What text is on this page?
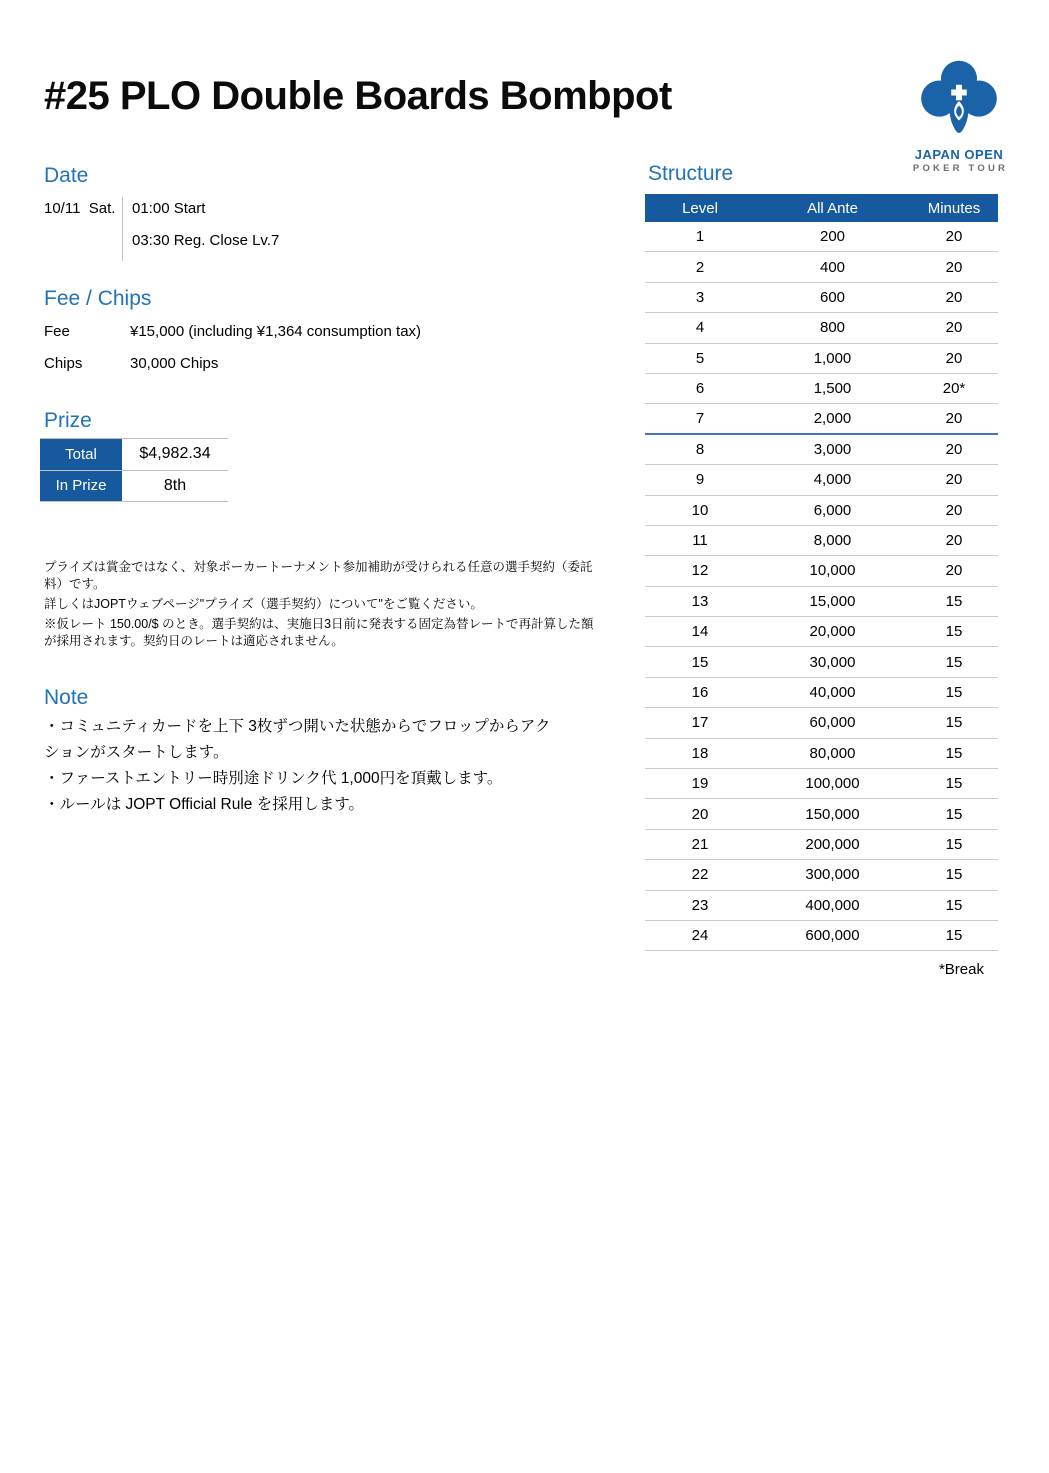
#25 PLO Double Boards Bombpot
JAPAN OPEN
POKER TOUR
Date
10/11  Sat.	01:00 Start
03:30 Reg. Close Lv.7
Fee / Chips
Fee	¥15,000 (including ¥1,364 consumption tax)
Chips	30,000 Chips
Prize
Total	$4,982.34
In Prize	8th

プライズは賞金ではなく、対象ポーカートーナメント参加補助が受けられる任意の選手契約（委託料）です。

詳しくはJOPTウェブページ"プライズ（選手契約）について"をご覧ください。

※仮レート 150.00/$ のとき。選手契約は、実施日3日前に発表する固定為替レートで再計算した額が採用されます。契約日のレートは適応されません。

Note
・コミュニティカードを上下 3枚ずつ開いた状態からでフロップからアクションがスタートします。
・ファーストエントリー時別途ドリンク代 1,000円を頂戴します。
・ルールは JOPT Official Rule を採用します。
Structure
Level	All Ante	Minutes
1	200	20
2	400	20
3	600	20
4	800	20
5	1,000	20
6	1,500	20*
7	2,000	20
8	3,000	20
9	4,000	20
10	6,000	20
11	8,000	20
12	10,000	20
13	15,000	15
14	20,000	15
15	30,000	15
16	40,000	15
17	60,000	15
18	80,000	15
19	100,000	15
20	150,000	15
21	200,000	15
22	300,000	15
23	400,000	15
24	600,000	15
*Break
